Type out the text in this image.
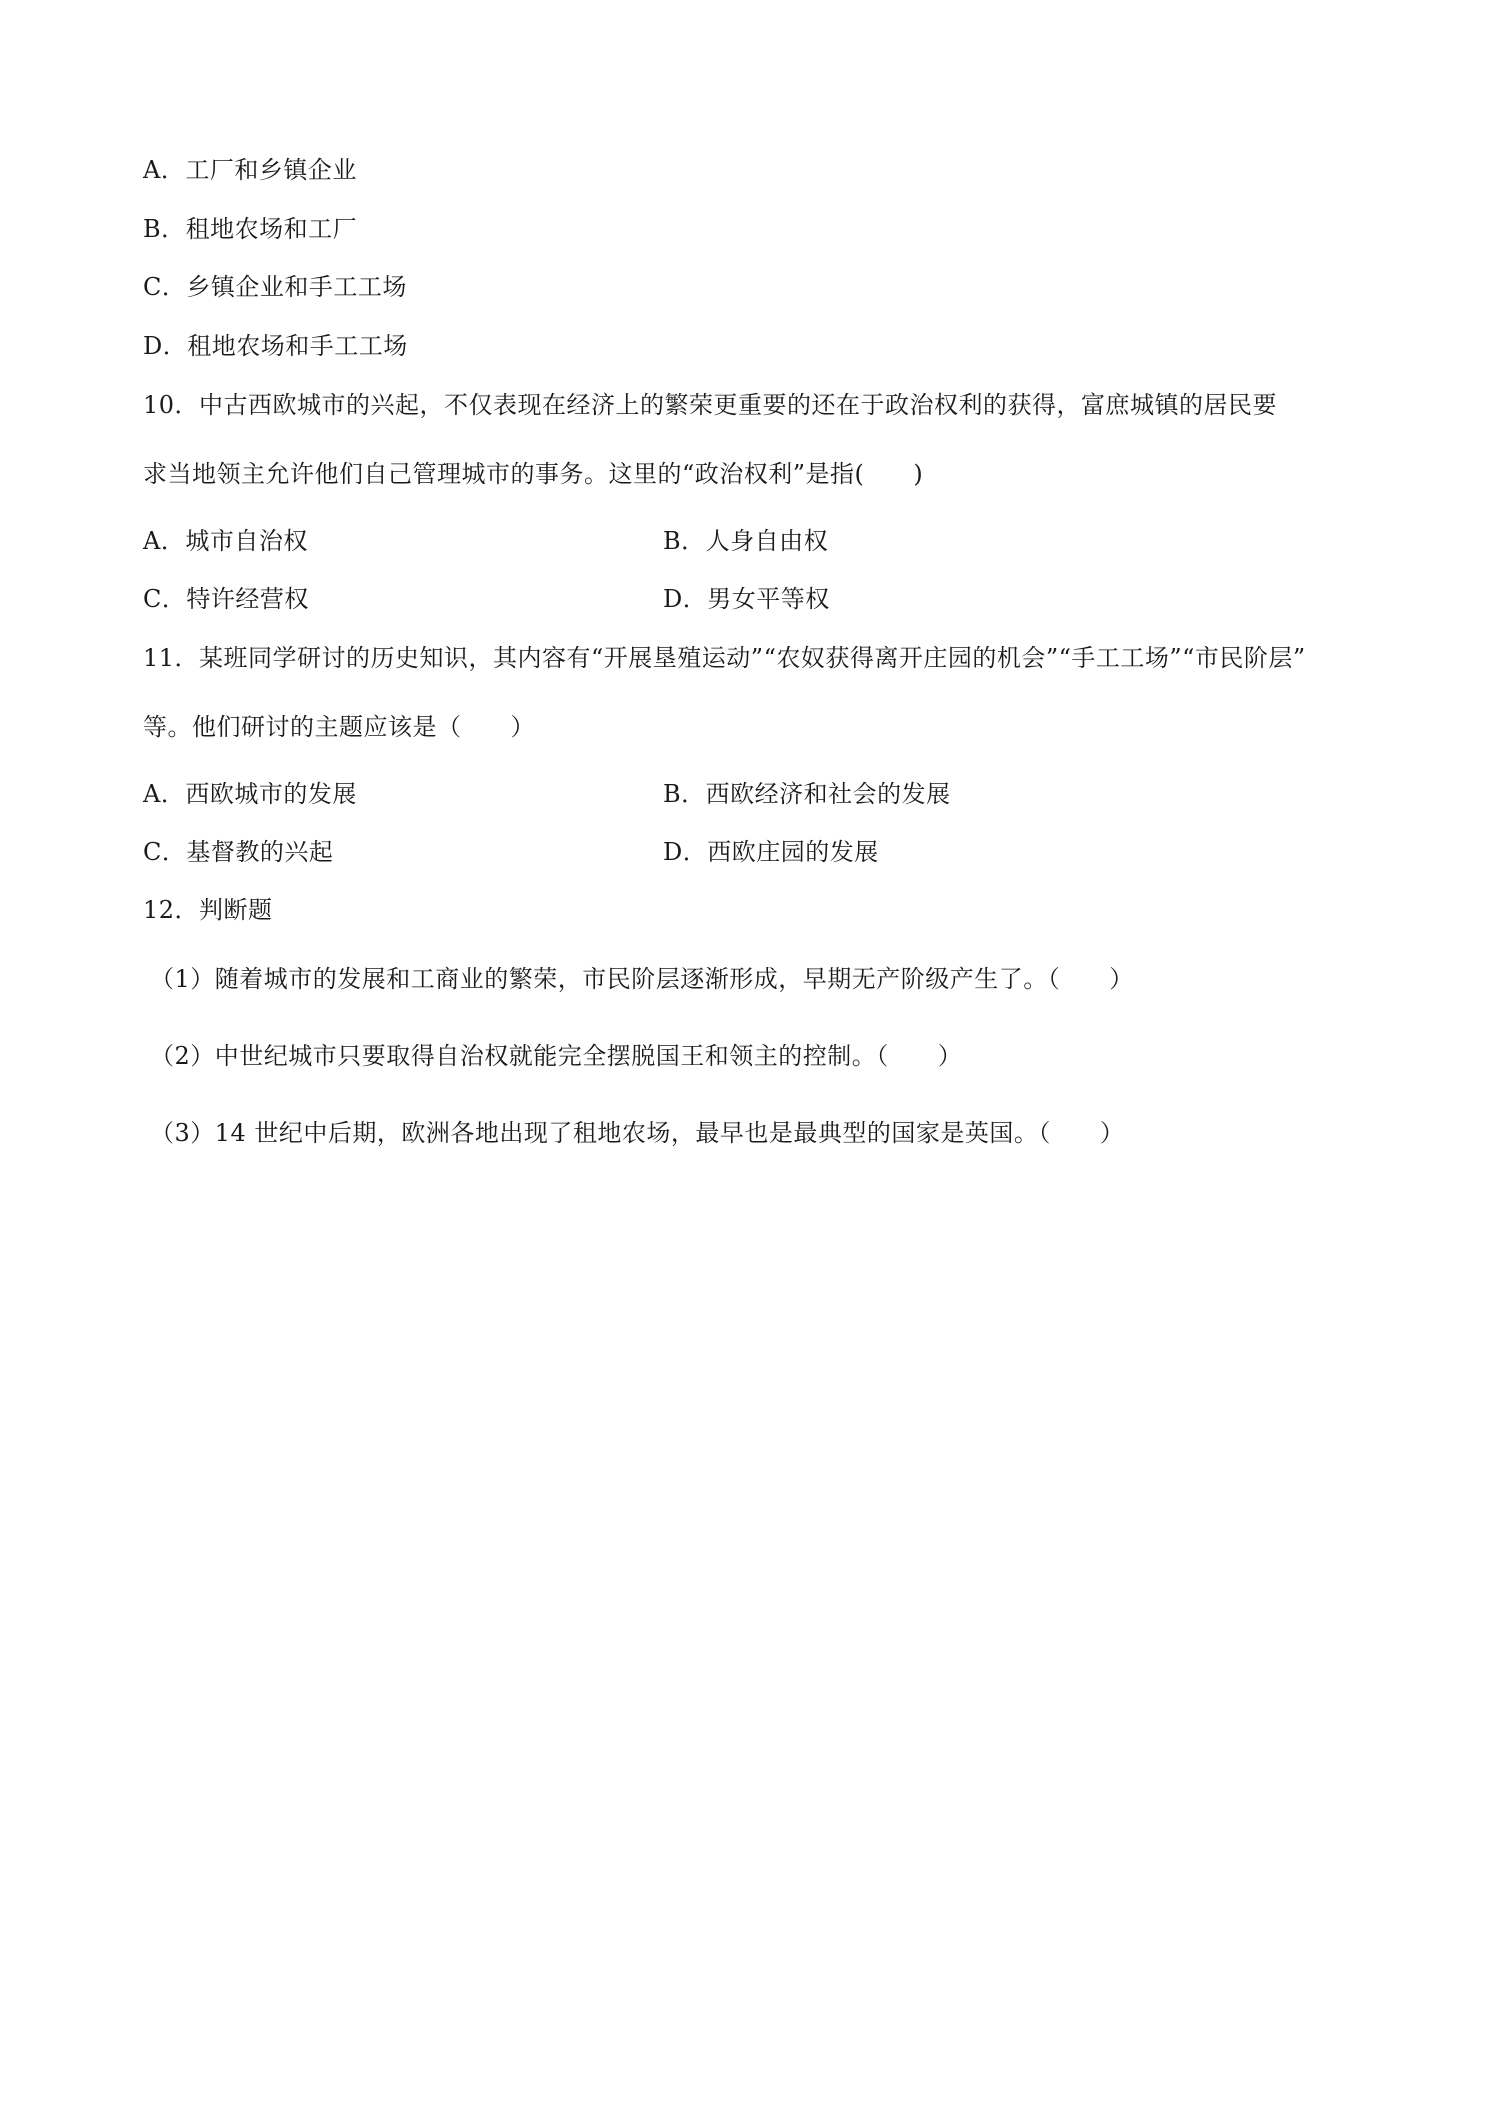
A．工厂和乡镇企业
B．租地农场和工厂
C．乡镇企业和手工工场
D．租地农场和手工工场
10．中古西欧城市的兴起，不仅表现在经济上的繁荣更重要的还在于政治权利的获得，富庶城镇的居民要
求当地领主允许他们自己管理城市的事务。这里的“政治权利”是指(　　)
A．城市自治权	B．人身自由权
C．特许经营权	D．男女平等权
11．某班同学研讨的历史知识，其内容有“开展垦殖运动”“农奴获得离开庄园的机会”“手工工场”“市民阶层”
等。他们研讨的主题应该是（　　）
A．西欧城市的发展	B．西欧经济和社会的发展
C．基督教的兴起	D．西欧庄园的发展
12．判断题
（1）随着城市的发展和工商业的繁荣，市民阶层逐渐形成，早期无产阶级产生了。（　　）
（2）中世纪城市只要取得自治权就能完全摆脱国王和领主的控制。（　　）
（3）14 世纪中后期，欧洲各地出现了租地农场，最早也是最典型的国家是英国。（　　）
